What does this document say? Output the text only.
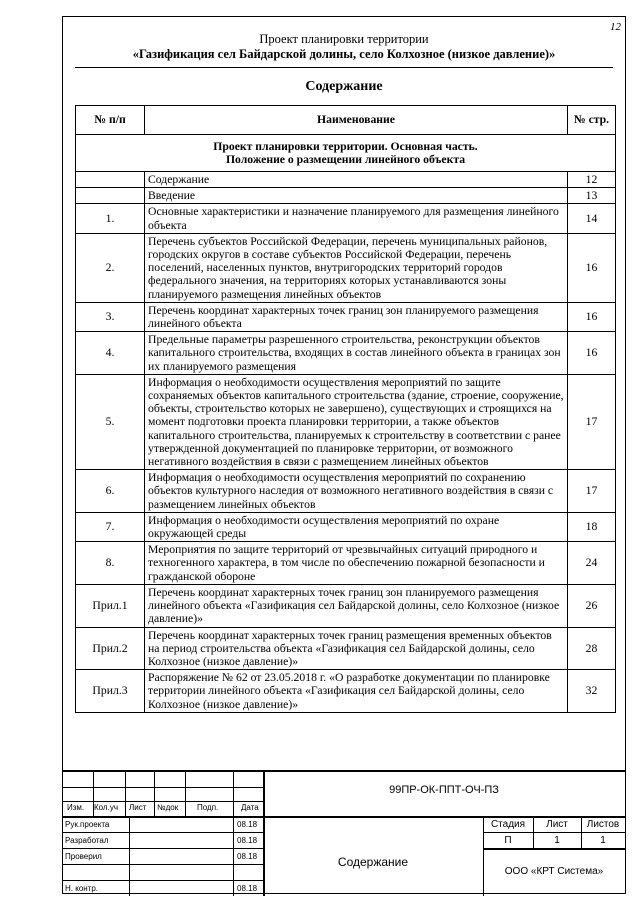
12
Проект планировки территории
«Газификация сел Байдарской долины, село Колхозное (низкое давление)»
Содержание
№ п/п	Наименование	№ стр.

Проект планировки территории. Основная часть.
Положение о размещении линейного объекта		

	Содержание	12
	Введение	13
1.	Основные характеристики и назначение планируемого для размещения линейного объекта	14
2.	Перечень субъектов Российской Федерации, перечень муниципальных районов, городских округов в составе субъектов Российской Федерации, перечень поселений, населенных пунктов, внутригородских территорий городов федерального значения, на территориях которых устанавливаются зоны планируемого размещения линейных объектов	16
3.	Перечень координат характерных точек границ зон планируемого размещения линейного объекта	16
4.	Предельные параметры разрешенного строительства, реконструкции объектов капитального строительства, входящих в состав линейного объекта в границах зон их планируемого размещения	16
5.	Информация о необходимости осуществления мероприятий по защите сохраняемых объектов капитального строительства (здание, строение, сооружение, объекты, строительство которых не завершено), существующих и строящихся на момент подготовки проекта планировки территории, а также объектов капитального строительства, планируемых к строительству в соответствии с ранее утвержденной документацией по планировке территории, от возможного негативного воздействия в связи с размещением линейных объектов	17
6.	Информация о необходимости осуществления мероприятий по сохранению объектов культурного наследия от возможного негативного воздействия в связи с размещением линейных объектов	17
7.	Информация о необходимости осуществления мероприятий по охране окружающей среды	18
8.	Мероприятия по защите территорий от чрезвычайных ситуаций природного и техногенного характера, в том числе по обеспечению пожарной безопасности и гражданской обороне	24
Прил.1	Перечень координат характерных точек границ зон планируемого размещения линейного объекта «Газификация сел Байдарской долины, село Колхозное (низкое давление)»	26
Прил.2	Перечень координат характерных точек границ размещения временных объектов на период строительства объекта «Газификация сел Байдарской долины, село Колхозное (низкое давление)»	28
Прил.3	Распоряжение № 62 от 23.05.2018 г. «О разработке документации по планировке территории линейного объекта «Газификация сел Байдарской долины, село Колхозное (низкое давление)»	32
Изм. Кол.уч Лист №док Подп.	Дата
Рук.проекта	08.18
Разработал	08.18
Проверил	08.18
Н. контр.	08.18
99ПР-ОК-ППТ-ОЧ-ПЗ
Содержание
Стадия	Лист	Листов
П	1	1
ООО «КРТ Система»
